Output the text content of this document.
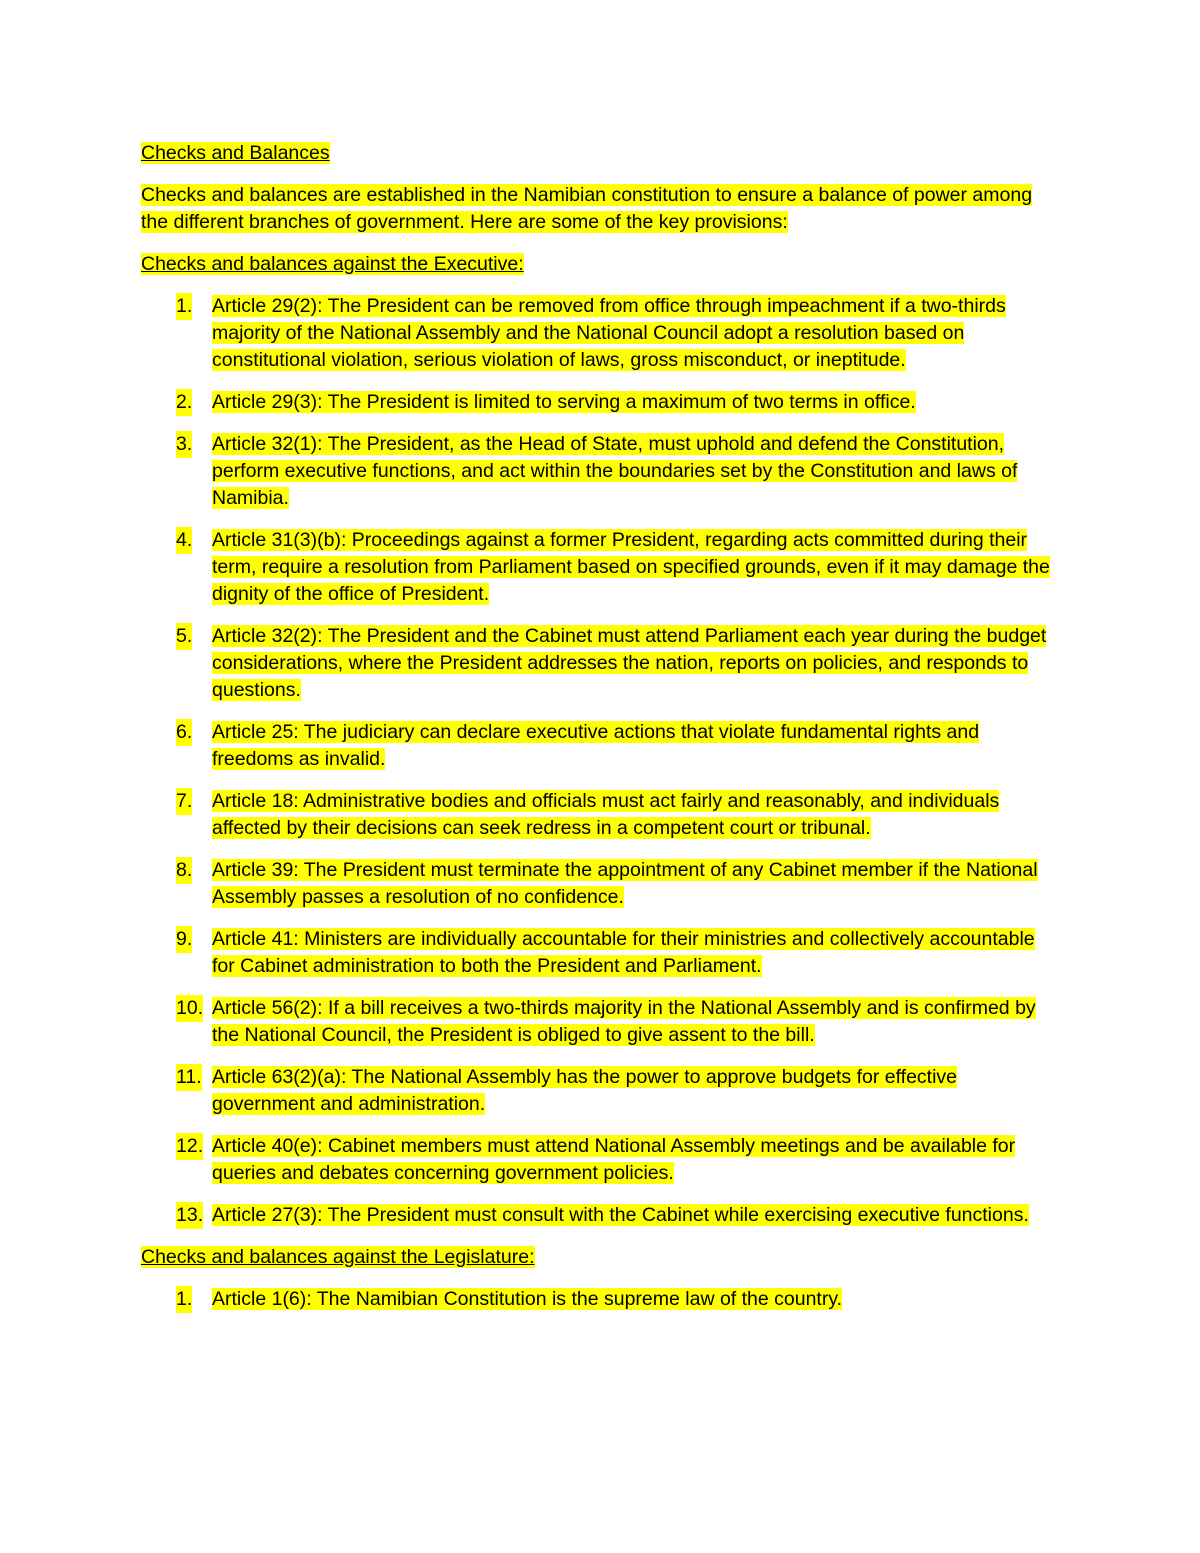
Checks and Balances
Checks and balances are established in the Namibian constitution to ensure a balance of power among the different branches of government. Here are some of the key provisions:
Checks and balances against the Executive:
1. Article 29(2): The President can be removed from office through impeachment if a two-thirds majority of the National Assembly and the National Council adopt a resolution based on constitutional violation, serious violation of laws, gross misconduct, or ineptitude.
2. Article 29(3): The President is limited to serving a maximum of two terms in office.
3. Article 32(1): The President, as the Head of State, must uphold and defend the Constitution, perform executive functions, and act within the boundaries set by the Constitution and laws of Namibia.
4. Article 31(3)(b): Proceedings against a former President, regarding acts committed during their term, require a resolution from Parliament based on specified grounds, even if it may damage the dignity of the office of President.
5. Article 32(2): The President and the Cabinet must attend Parliament each year during the budget considerations, where the President addresses the nation, reports on policies, and responds to questions.
6. Article 25: The judiciary can declare executive actions that violate fundamental rights and freedoms as invalid.
7. Article 18: Administrative bodies and officials must act fairly and reasonably, and individuals affected by their decisions can seek redress in a competent court or tribunal.
8. Article 39: The President must terminate the appointment of any Cabinet member if the National Assembly passes a resolution of no confidence.
9. Article 41: Ministers are individually accountable for their ministries and collectively accountable for Cabinet administration to both the President and Parliament.
10. Article 56(2): If a bill receives a two-thirds majority in the National Assembly and is confirmed by the National Council, the President is obliged to give assent to the bill.
11. Article 63(2)(a): The National Assembly has the power to approve budgets for effective government and administration.
12. Article 40(e): Cabinet members must attend National Assembly meetings and be available for queries and debates concerning government policies.
13. Article 27(3): The President must consult with the Cabinet while exercising executive functions.
Checks and balances against the Legislature:
1. Article 1(6): The Namibian Constitution is the supreme law of the country.
